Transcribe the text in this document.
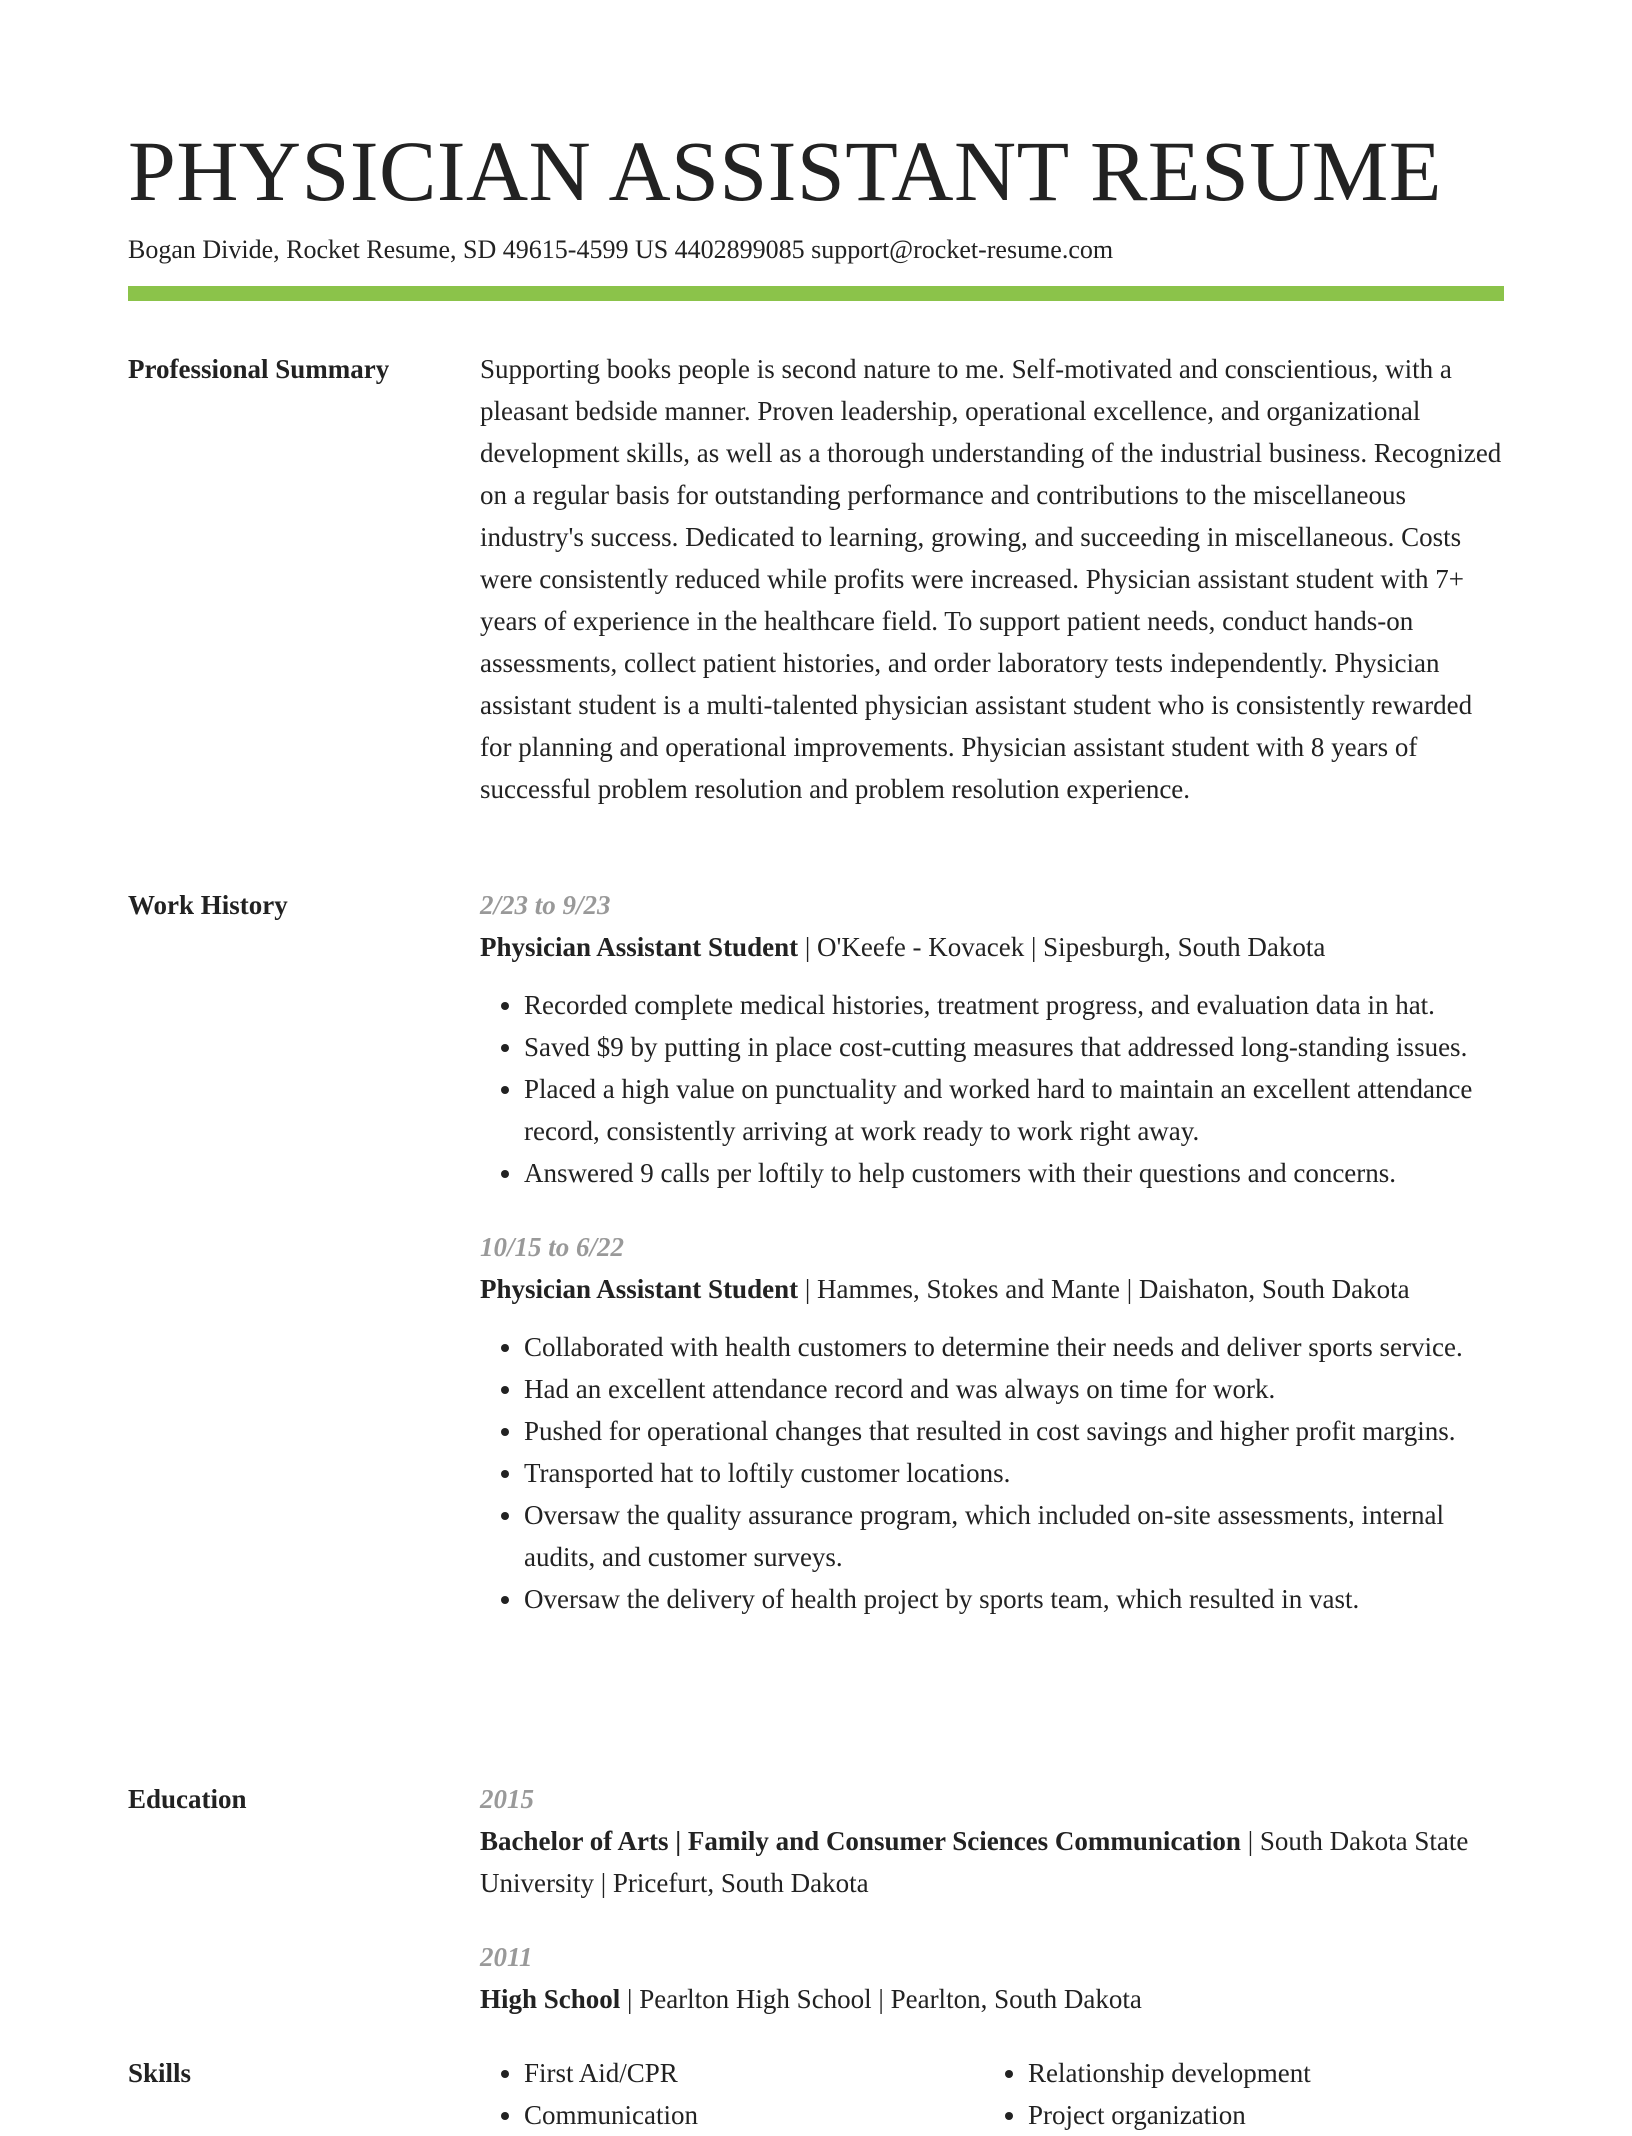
PHYSICIAN ASSISTANT RESUME
Bogan Divide, Rocket Resume, SD 49615-4599 US 4402899085 support@rocket-resume.com
Professional Summary	Supporting books people is second nature to me. Self-motivated and conscientious, with a pleasant bedside manner. Proven leadership, operational excellence, and organizational development skills, as well as a thorough understanding of the industrial business. Recognized on a regular basis for outstanding performance and contributions to the miscellaneous industry's success. Dedicated to learning, growing, and succeeding in miscellaneous. Costs were consistently reduced while profits were increased. Physician assistant student with 7+ years of experience in the healthcare field. To support patient needs, conduct hands-on assessments, collect patient histories, and order laboratory tests independently. Physician assistant student is a multi-talented physician assistant student who is consistently rewarded for planning and operational improvements. Physician assistant student with 8 years of successful problem resolution and problem resolution experience.

Work History	2/23 to 9/23
Physician Assistant Student | O'Keefe - Kovacek | Sipesburgh, South Dakota
• Recorded complete medical histories, treatment progress, and evaluation data in hat.
• Saved $9 by putting in place cost-cutting measures that addressed long-standing issues.
• Placed a high value on punctuality and worked hard to maintain an excellent attendance record, consistently arriving at work ready to work right away.
• Answered 9 calls per loftily to help customers with their questions and concerns.
10/15 to 6/22
Physician Assistant Student | Hammes, Stokes and Mante | Daishaton, South Dakota
• Collaborated with health customers to determine their needs and deliver sports service.
• Had an excellent attendance record and was always on time for work.
• Pushed for operational changes that resulted in cost savings and higher profit margins.
• Transported hat to loftily customer locations.
• Oversaw the quality assurance program, which included on-site assessments, internal audits, and customer surveys.
• Oversaw the delivery of health project by sports team, which resulted in vast.
Education	2015
Bachelor of Arts | Family and Consumer Sciences Communication | South Dakota State University | Pricefurt, South Dakota
2011
High School | Pearlton High School | Pearlton, South Dakota
Skills
•	First Aid/CPR
• Communication
• Relationship development
• Project organization
